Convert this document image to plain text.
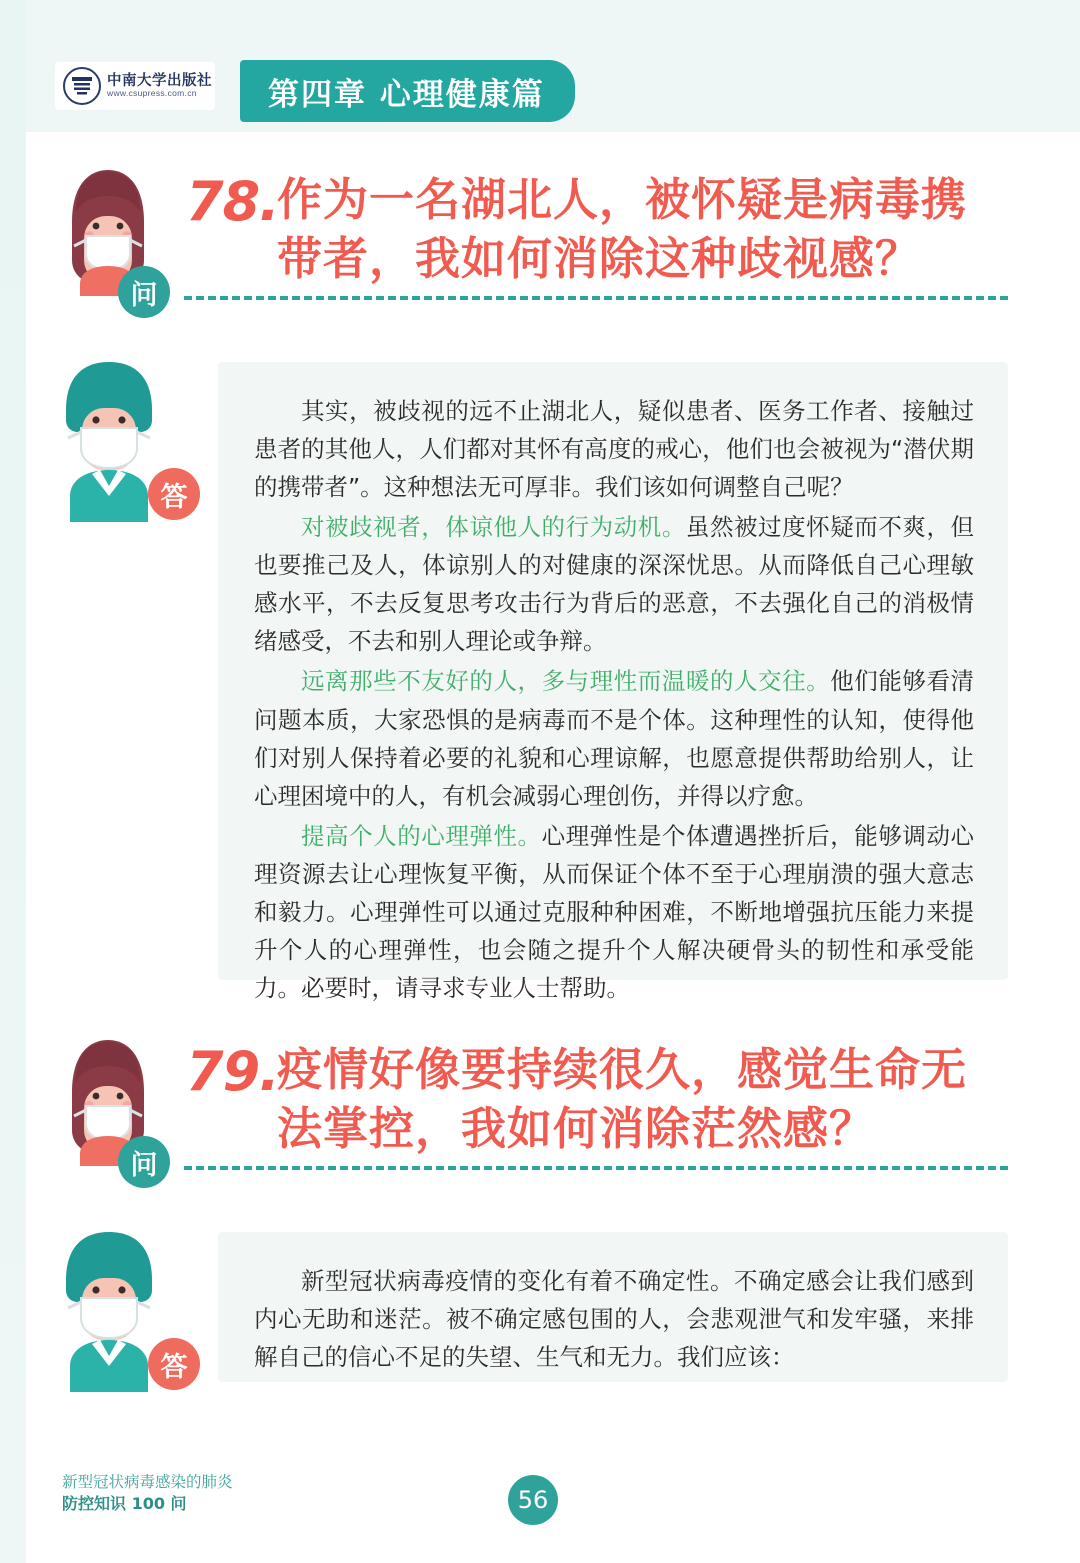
中南大学出版社
www.csupress.com.cn	第四章 心理健康篇
问
78.
作为一名湖北人，被怀疑是病毒携带者，我如何消除这种歧视感？
答

其实，被歧视的远不止湖北人，疑似患者、医务工作者、接触过患者的其他人，人们都对其怀有高度的戒心，他们也会被视为“潜伏期的携带者”。这种想法无可厚非。我们该如何调整自己呢？

对被歧视者，体谅他人的行为动机。虽然被过度怀疑而不爽，但也要推己及人，体谅别人的对健康的深深忧思。从而降低自己心理敏感水平，不去反复思考攻击行为背后的恶意，不去强化自己的消极情绪感受，不去和别人理论或争辩。

远离那些不友好的人，多与理性而温暖的人交往。他们能够看清问题本质，大家恐惧的是病毒而不是个体。这种理性的认知，使得他们对别人保持着必要的礼貌和心理谅解，也愿意提供帮助给别人，让心理困境中的人，有机会减弱心理创伤，并得以疗愈。

提高个人的心理弹性。心理弹性是个体遭遇挫折后，能够调动心理资源去让心理恢复平衡，从而保证个体不至于心理崩溃的强大意志和毅力。心理弹性可以通过克服种种困难，不断地增强抗压能力来提升个人的心理弹性，也会随之提升个人解决硬骨头的韧性和承受能力。必要时，请寻求专业人士帮助。

问
79.
疫情好像要持续很久，感觉生命无法掌控，我如何消除茫然感？
答

新型冠状病毒疫情的变化有着不确定性。不确定感会让我们感到内心无助和迷茫。被不确定感包围的人，会悲观泄气和发牢骚，来排解自己的信心不足的失望、生气和无力。我们应该：

新型冠状病毒感染的肺炎
防控知识 100 问	56
